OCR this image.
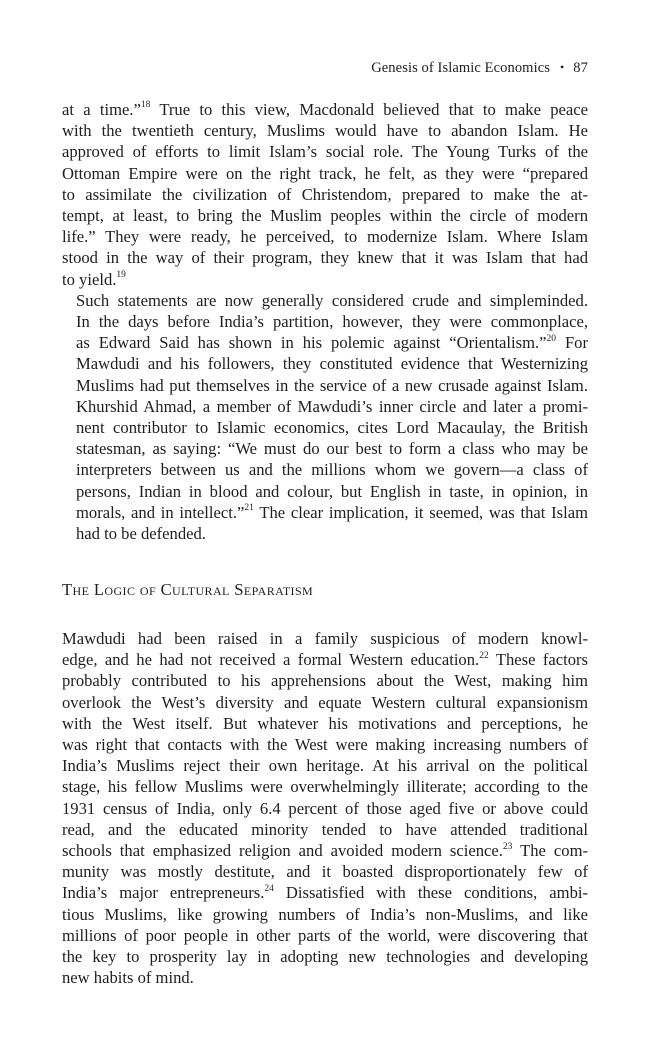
Genesis of Islamic Economics • 87

at a time.”$^{18}$ True to this view, Macdonald believed that to make peace
with the twentieth century, Muslims would have to abandon Islam. He
approved of efforts to limit Islam’s social role. The Young Turks of the
Ottoman Empire were on the right track, he felt, as they were “prepared
to assimilate the civilization of Christendom, prepared to make the at-
tempt, at least, to bring the Muslim peoples within the circle of modern
life.” They were ready, he perceived, to modernize Islam. Where Islam
stood in the way of their program, they knew that it was Islam that had
to yield.$^{19}$

Such statements are now generally considered crude and simpleminded.
In the days before India’s partition, however, they were commonplace,
as Edward Said has shown in his polemic against “Orientalism.”$^{20}$ For
Mawdudi and his followers, they constituted evidence that Westernizing
Muslims had put themselves in the service of a new crusade against Islam.
Khurshid Ahmad, a member of Mawdudi’s inner circle and later a promi-
nent contributor to Islamic economics, cites Lord Macaulay, the British
statesman, as saying: “We must do our best to form a class who may be
interpreters between us and the millions whom we govern—a class of
persons, Indian in blood and colour, but English in taste, in opinion, in
morals, and in intellect.”$^{21}$ The clear implication, it seemed, was that Islam
had to be defended.

The Logic of Cultural Separatism

Mawdudi had been raised in a family suspicious of modern knowl-
edge, and he had not received a formal Western education.$^{22}$ These factors
probably contributed to his apprehensions about the West, making him
overlook the West’s diversity and equate Western cultural expansionism
with the West itself. But whatever his motivations and perceptions, he
was right that contacts with the West were making increasing numbers of
India’s Muslims reject their own heritage. At his arrival on the political
stage, his fellow Muslims were overwhelmingly illiterate; according to the
1931 census of India, only 6.4 percent of those aged five or above could
read, and the educated minority tended to have attended traditional
schools that emphasized religion and avoided modern science.$^{23}$ The com-
munity was mostly destitute, and it boasted disproportionately few of
India’s major entrepreneurs.$^{24}$ Dissatisfied with these conditions, ambi-
tious Muslims, like growing numbers of India’s non-Muslims, and like
millions of poor people in other parts of the world, were discovering that
the key to prosperity lay in adopting new technologies and developing
new habits of mind.
